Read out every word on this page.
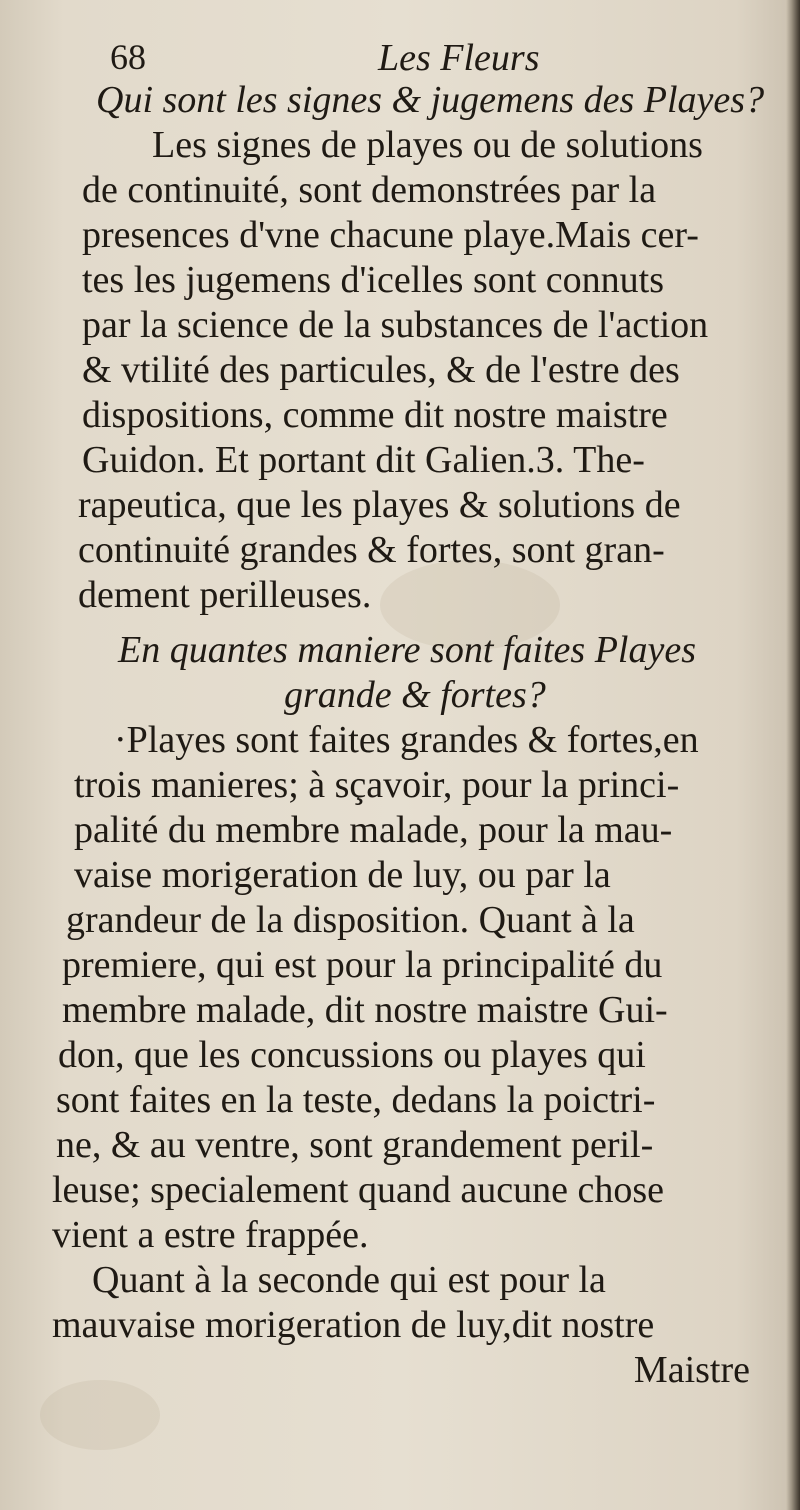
68	Les Fleurs
Qui sont les signes & jugemens des Playes?
Les signes de playes ou de solutions
de continuité, sont demonstrées par la
presences d'vne chacune playe.Mais cer-
tes les jugemens d'icelles sont connuts
par la science de la substances de l'action
& vtilité des particules, & de l'estre des
dispositions, comme dit nostre maistre
Guidon. Et portant dit Galien.3. The-
rapeutica, que les playes & solutions de
continuité grandes & fortes, sont gran-
dement perilleuses.
En quantes maniere sont faites Playes
grande & fortes?
·Playes sont faites grandes & fortes,en
trois manieres; à sçavoir, pour la princi-
palité du membre malade, pour la mau-
vaise morigeration de luy, ou par la
grandeur de la disposition. Quant à la
premiere, qui est pour la principalité du
membre malade, dit nostre maistre Gui-
don, que les concussions ou playes qui
sont faites en la teste, dedans la poictri-
ne, & au ventre, sont grandement peril-
leuse; specialement quand aucune chose
vient a estre frappée.
Quant à la seconde qui est pour la
mauvaise morigeration de luy,dit nostre
Maistre
